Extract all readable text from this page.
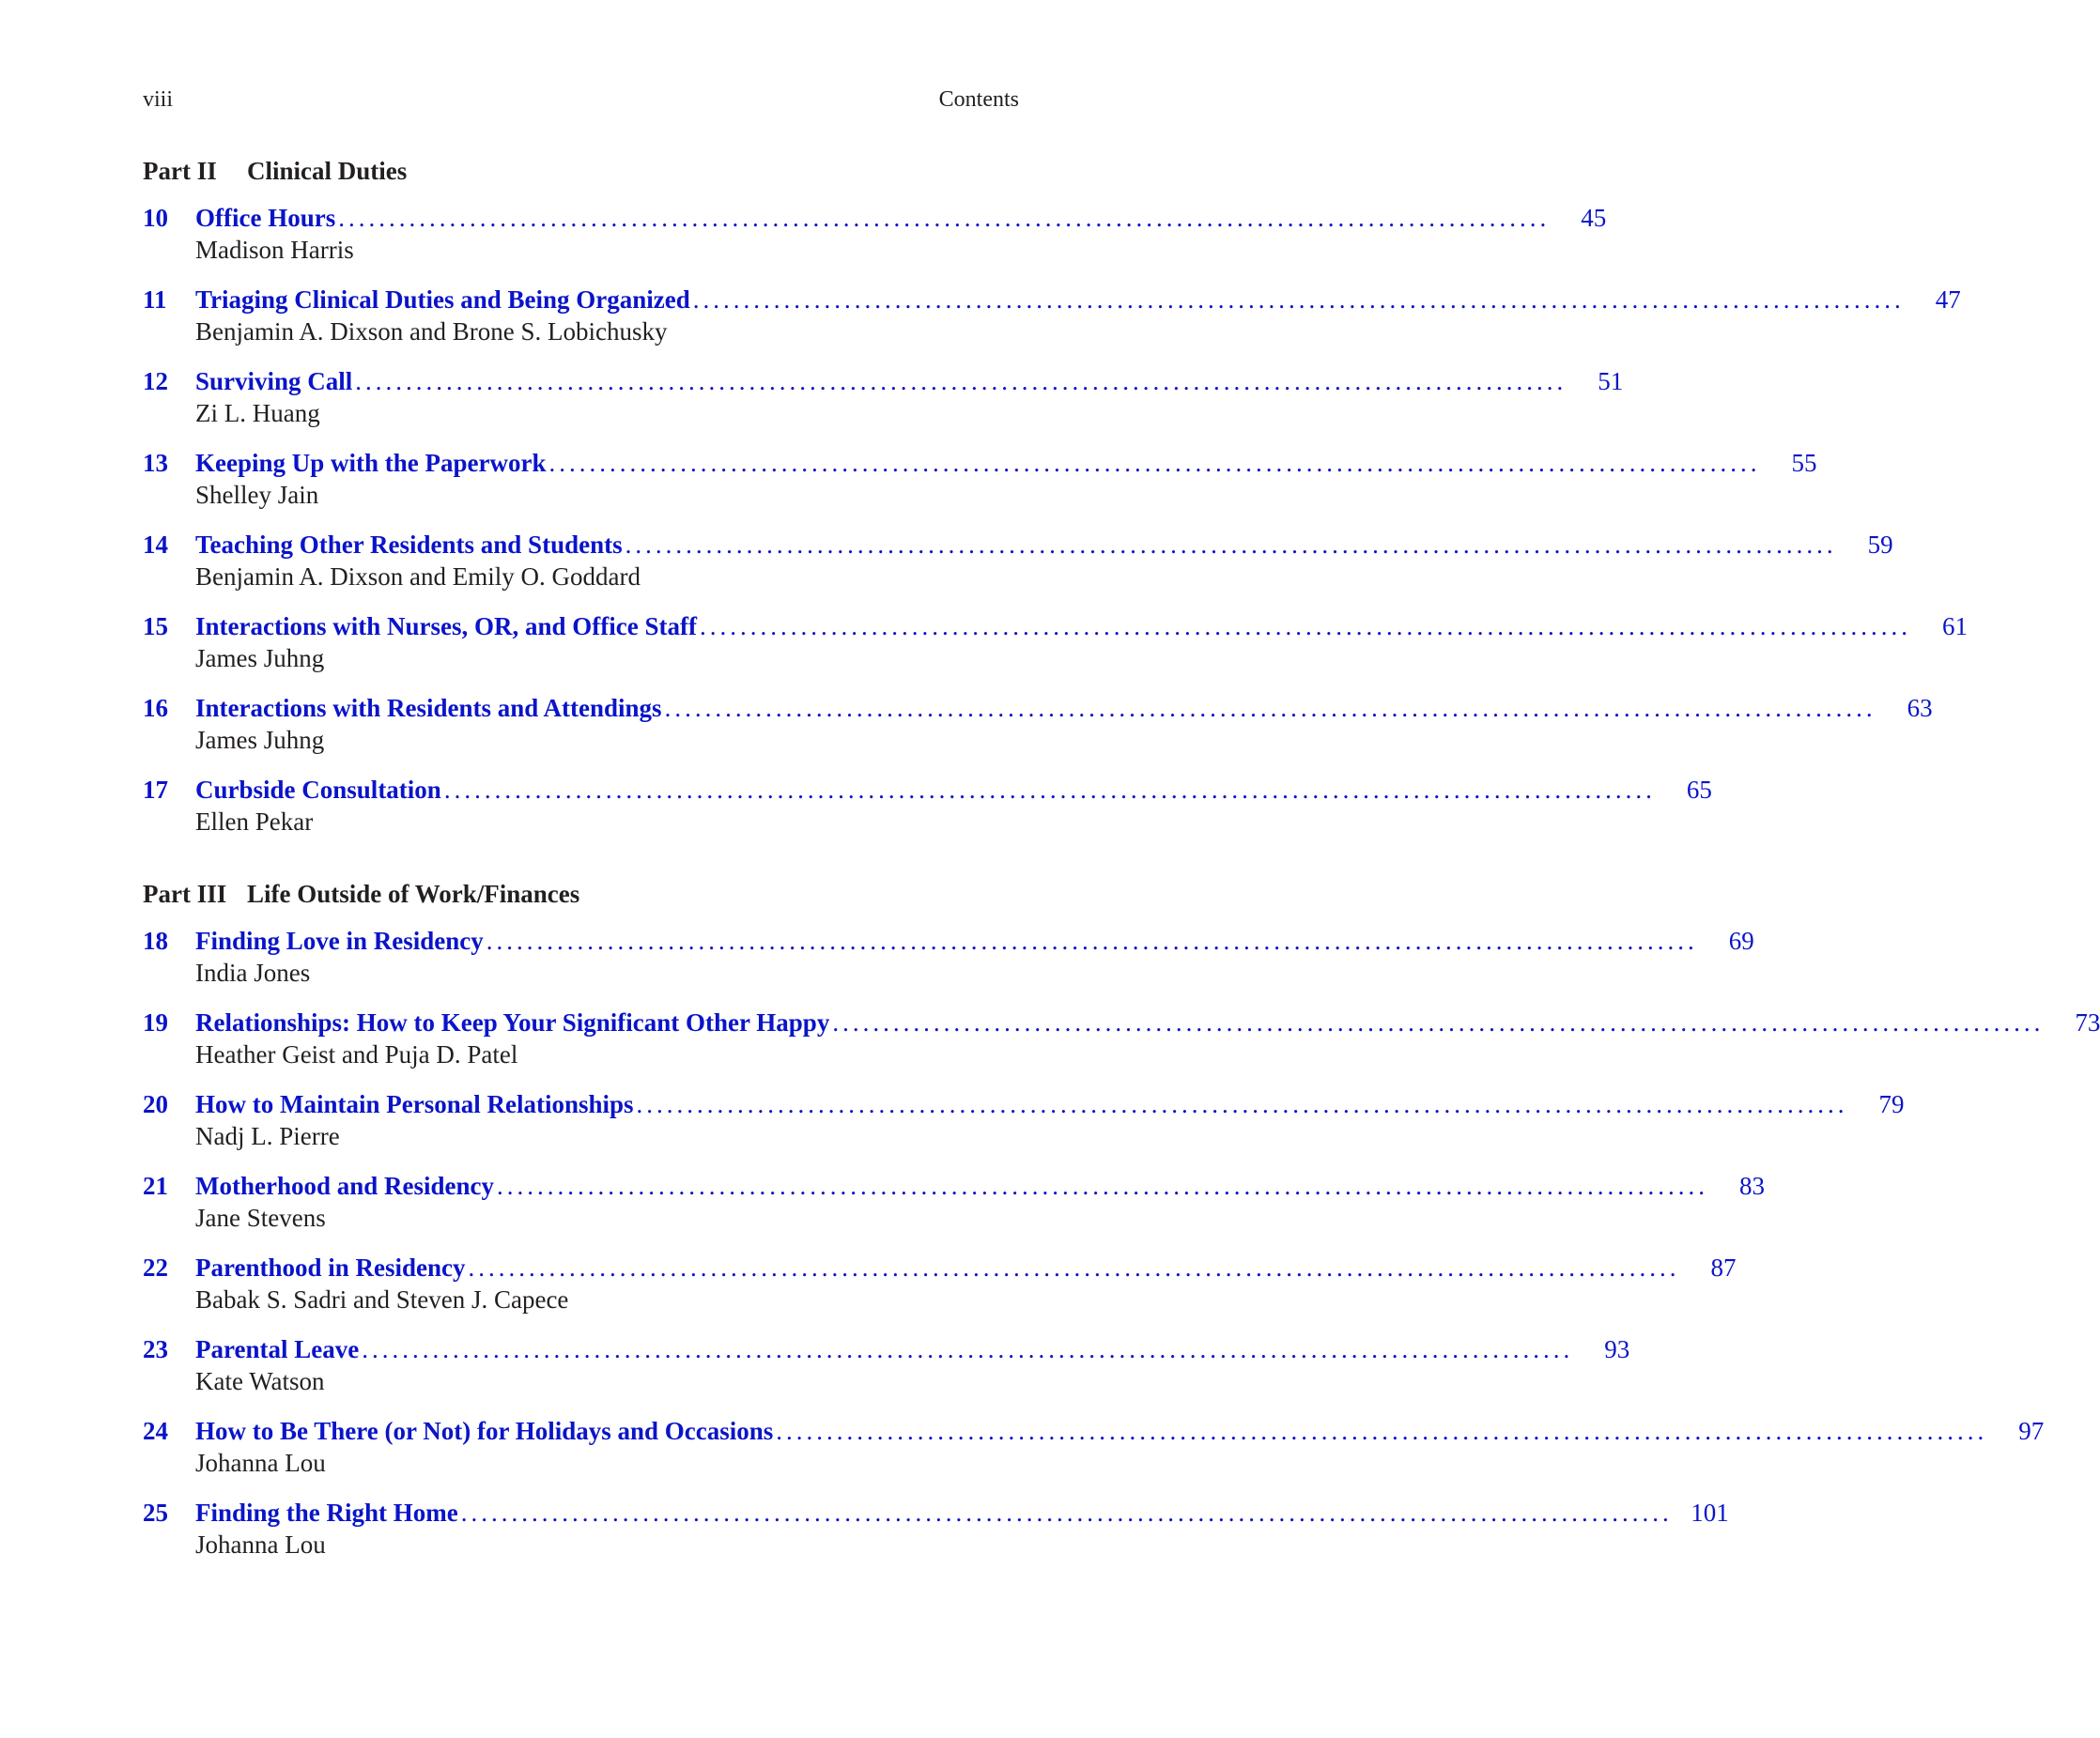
viii	Contents
Part II	Clinical Duties
10	Office Hours ........................................................................................................................	45
Madison Harris
11	Triaging Clinical Duties and Being Organized ........................................................................................................................	47
Benjamin A. Dixson and Brone S. Lobichusky
12	Surviving Call ........................................................................................................................	51
Zi L. Huang
13	Keeping Up with the Paperwork ........................................................................................................................	55
Shelley Jain
14	Teaching Other Residents and Students ........................................................................................................................	59
Benjamin A. Dixson and Emily O. Goddard
15	Interactions with Nurses, OR, and Office Staff ........................................................................................................................	61
James Juhng
16	Interactions with Residents and Attendings ........................................................................................................................	63
James Juhng
17	Curbside Consultation ........................................................................................................................	65
Ellen Pekar
Part III Life Outside of Work/Finances
18	Finding Love in Residency ........................................................................................................................	69
India Jones
19	Relationships: How to Keep Your Significant Other Happy ........................................................................................................................	73
Heather Geist and Puja D. Patel
20	How to Maintain Personal Relationships ........................................................................................................................	79
Nadj L. Pierre
21	Motherhood and Residency ........................................................................................................................	83
Jane Stevens
22	Parenthood in Residency ........................................................................................................................	87
Babak S. Sadri and Steven J. Capece
23	Parental Leave ........................................................................................................................	93
Kate Watson
24	How to Be There (or Not) for Holidays and Occasions ........................................................................................................................	97
Johanna Lou
25	Finding the Right Home ........................................................................................................................ 101
Johanna Lou
